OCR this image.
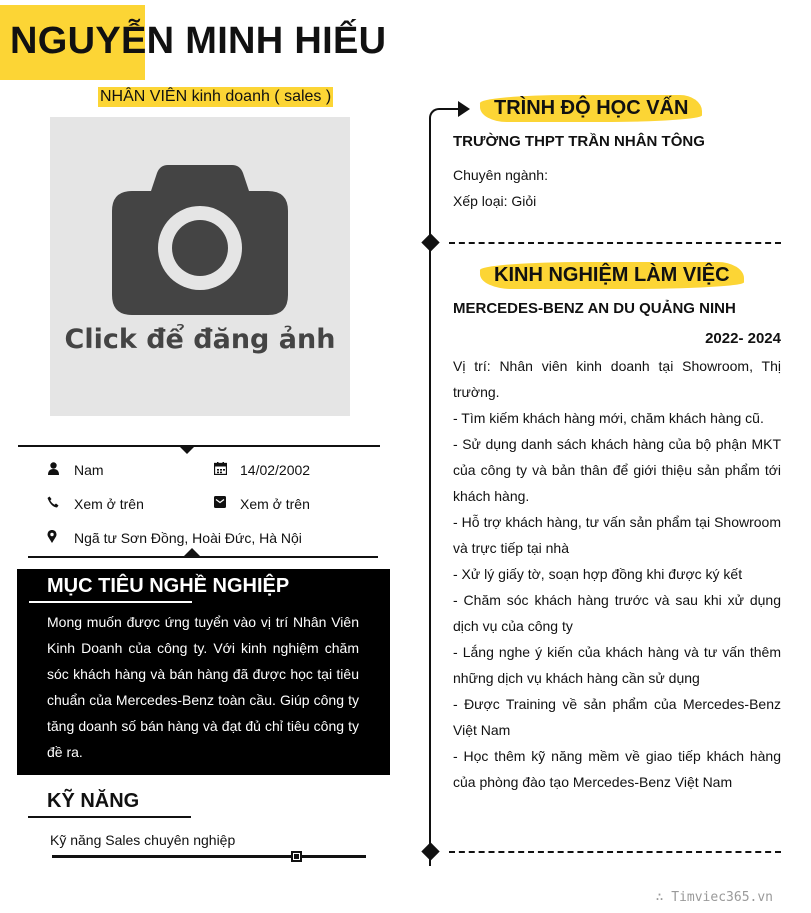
NGUYỄN MINH HIẾU
NHÂN VIÊN kinh doanh ( sales )
Click để đăng ảnh
Nam	14/02/2002
Xem ở trên	Xem ở trên
Ngã tư Sơn Đồng, Hoài Đức, Hà Nội
MỤC TIÊU NGHỀ NGHIỆP
Mong muốn được ứng tuyển vào vị trí Nhân Viên Kinh Doanh của công ty. Với kinh nghiệm chăm sóc khách hàng và bán hàng đã được học tại tiêu chuẩn của Mercedes-Benz toàn cầu. Giúp công ty tăng doanh số bán hàng và đạt đủ chỉ tiêu công ty đề ra.
KỸ NĂNG
Kỹ năng Sales chuyên nghiệp
TRÌNH ĐỘ HỌC VẤN
TRƯỜNG THPT TRẦN NHÂN TÔNG
Chuyên ngành:
Xếp loại: Giỏi
KINH NGHIỆM LÀM VIỆC
MERCEDES-BENZ AN DU QUẢNG NINH
2022- 2024

Vị trí: Nhân viên kinh doanh tại Showroom, Thị trường.

- Tìm kiếm khách hàng mới, chăm khách hàng cũ.

- Sử dụng danh sách khách hàng của bộ phận MKT của công ty và bản thân để giới thiệu sản phẩm tới khách hàng.

- Hỗ trợ khách hàng, tư vấn sản phẩm tại Showroom và trực tiếp tại nhà

- Xử lý giấy tờ, soạn hợp đồng khi được ký kết

- Chăm sóc khách hàng trước và sau khi xử dụng dịch vụ của công ty

- Lắng nghe ý kiến của khách hàng và tư vấn thêm những dịch vụ khách hàng cần sử dụng

- Được Training về sản phẩm của Mercedes-Benz Việt Nam

- Học thêm kỹ năng mềm về giao tiếp khách hàng của phòng đào tạo Mercedes-Benz Việt Nam

∴ Timviec365.vn
